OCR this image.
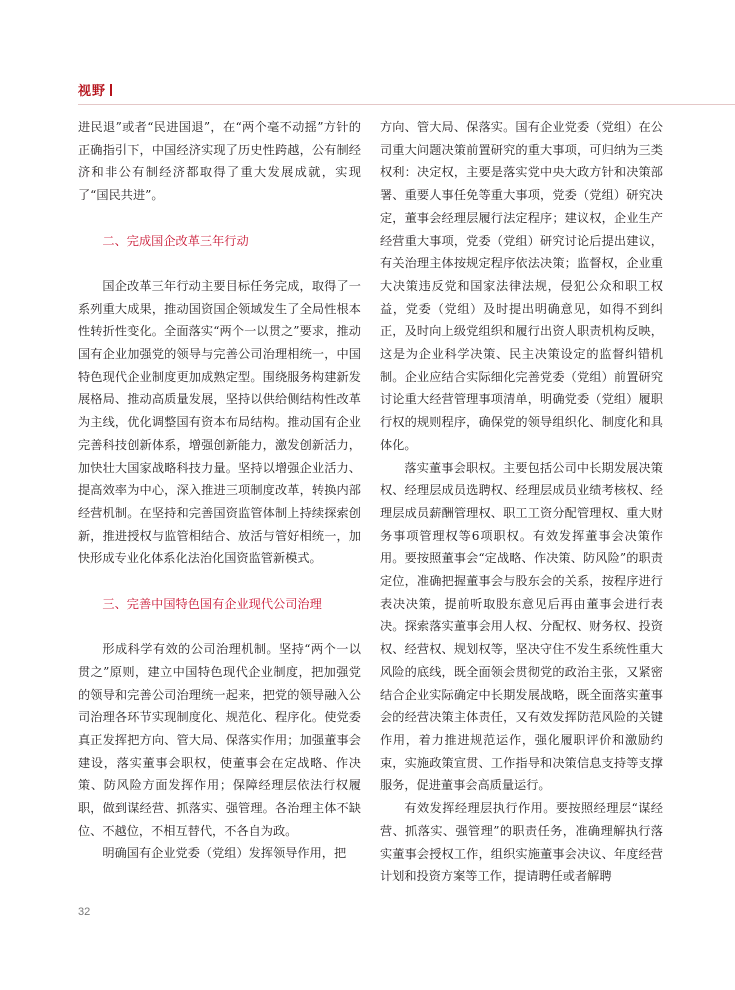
视野

进民退”或者“民进国退”，在“两个毫不动摇”方针的正确指引下，中国经济实现了历史性跨越，公有制经济和非公有制经济都取得了重大发展成就，实现了“国民共进”。

二、完成国企改革三年行动

国企改革三年行动主要目标任务完成，取得了一系列重大成果，推动国资国企领域发生了全局性根本性转折性变化。全面落实“两个一以贯之”要求，推动国有企业加强党的领导与完善公司治理相统一，中国特色现代企业制度更加成熟定型。围绕服务构建新发展格局、推动高质量发展，坚持以供给侧结构性改革为主线，优化调整国有资本布局结构。推动国有企业完善科技创新体系，增强创新能力，激发创新活力，加快壮大国家战略科技力量。坚持以增强企业活力、提高效率为中心，深入推进三项制度改革，转换内部经营机制。在坚持和完善国资监管体制上持续探索创新，推进授权与监管相结合、放活与管好相统一，加快形成专业化体系化法治化国资监管新模式。

三、完善中国特色国有企业现代公司治理

形成科学有效的公司治理机制。坚持“两个一以贯之”原则，建立中国特色现代企业制度，把加强党的领导和完善公司治理统一起来，把党的领导融入公司治理各环节实现制度化、规范化、程序化。使党委真正发挥把方向、管大局、保落实作用；加强董事会建设，落实董事会职权，使董事会在定战略、作决策、防风险方面发挥作用；保障经理层依法行权履职，做到谋经营、抓落实、强管理。各治理主体不缺位、不越位，不相互替代，不各自为政。

明确国有企业党委（党组）发挥领导作用，把

方向、管大局、保落实。国有企业党委（党组）在公司重大问题决策前置研究的重大事项，可归纳为三类权利：决定权，主要是落实党中央大政方针和决策部署、重要人事任免等重大事项，党委（党组）研究决定，董事会经理层履行法定程序；建议权，企业生产经营重大事项，党委（党组）研究讨论后提出建议，有关治理主体按规定程序依法决策；监督权，企业重大决策违反党和国家法律法规，侵犯公众和职工权益，党委（党组）及时提出明确意见，如得不到纠正，及时向上级党组织和履行出资人职责机构反映，这是为企业科学决策、民主决策设定的监督纠错机制。企业应结合实际细化完善党委（党组）前置研究讨论重大经营管理事项清单，明确党委（党组）履职行权的规则程序，确保党的领导组织化、制度化和具体化。

落实董事会职权。主要包括公司中长期发展决策权、经理层成员选聘权、经理层成员业绩考核权、经理层成员薪酬管理权、职工工资分配管理权、重大财务事项管理权等6项职权。有效发挥董事会决策作用。要按照董事会“定战略、作决策、防风险”的职责定位，准确把握董事会与股东会的关系，按程序进行表决决策，提前听取股东意见后再由董事会进行表决。探索落实董事会用人权、分配权、财务权、投资权、经营权、规划权等，坚决守住不发生系统性重大风险的底线，既全面领会贯彻党的政治主张，又紧密结合企业实际确定中长期发展战略，既全面落实董事会的经营决策主体责任，又有效发挥防范风险的关键作用，着力推进规范运作，强化履职评价和激励约束，实施政策宣贯、工作指导和决策信息支持等支撑服务，促进董事会高质量运行。

有效发挥经理层执行作用。要按照经理层“谋经营、抓落实、强管理”的职责任务，准确理解执行落实董事会授权工作，组织实施董事会决议、年度经营计划和投资方案等工作，提请聘任或者解聘

32
